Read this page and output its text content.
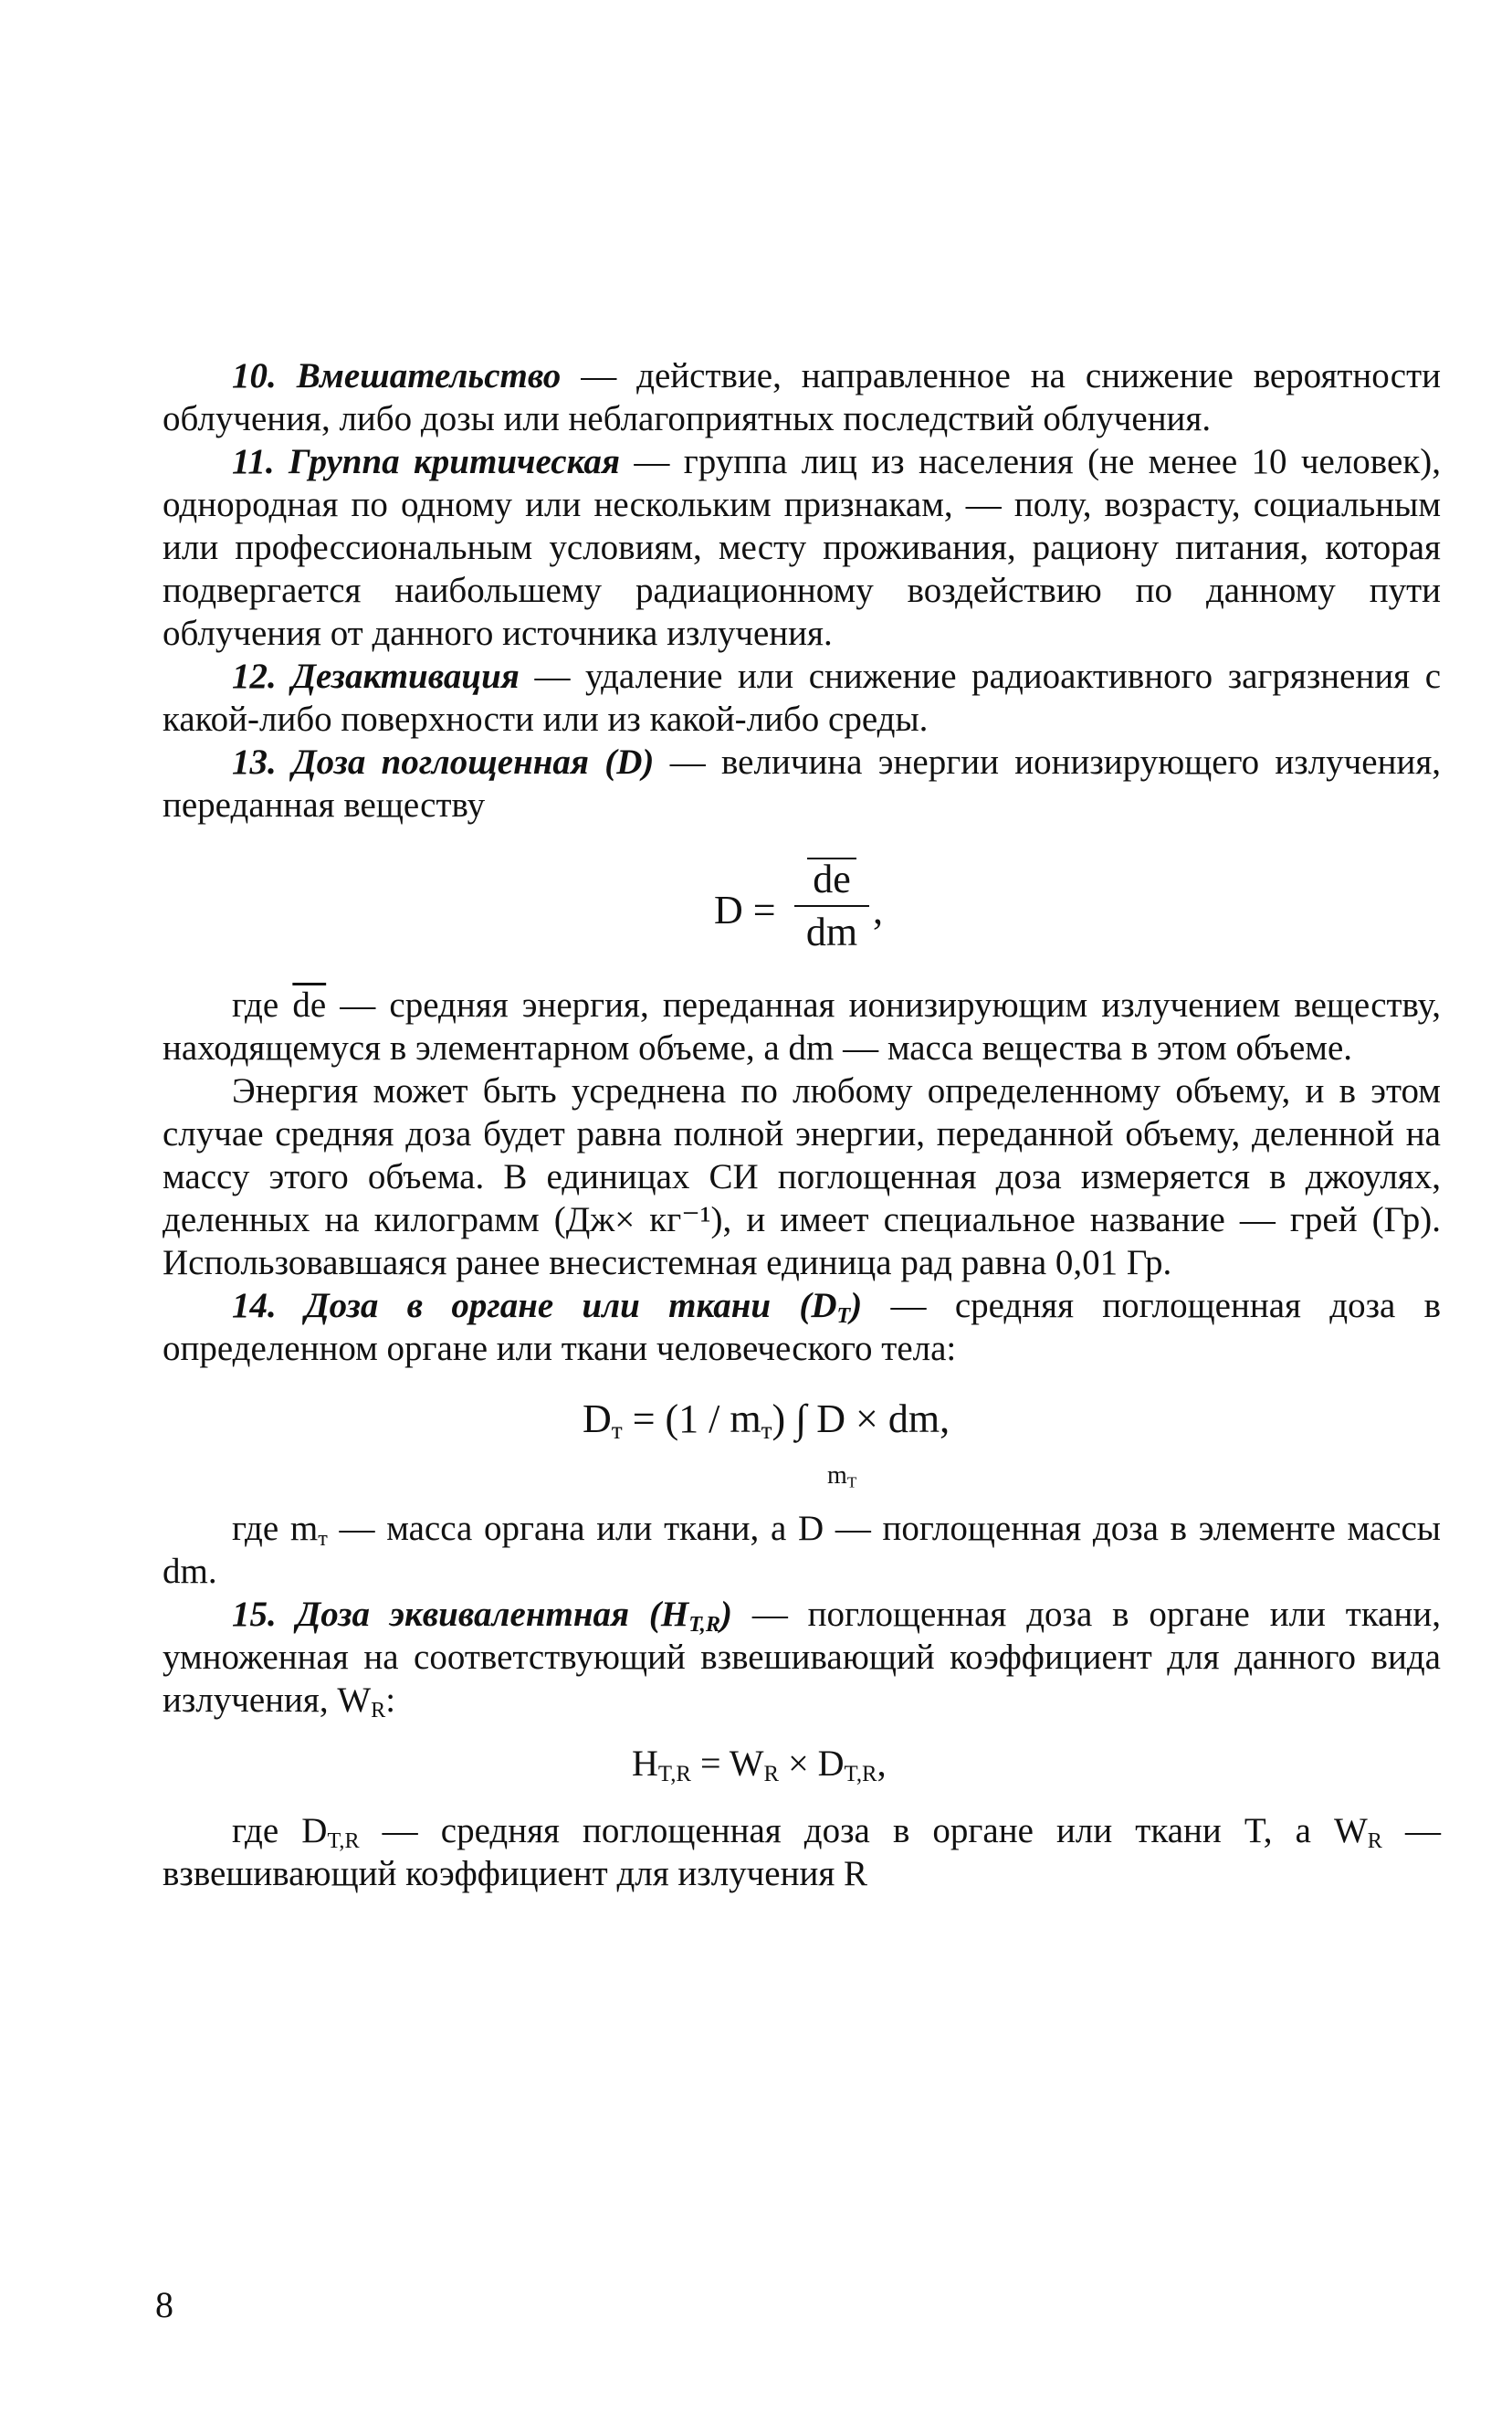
10. Вмешательство — действие, направленное на снижение вероятности облучения, либо дозы или неблагоприятных последствий облучения.

11. Группа критическая — группа лиц из населения (не менее 10 человек), однородная по одному или нескольким признакам, — полу, возрасту, социальным или профессиональным условиям, месту проживания, рациону питания, которая подвергается наибольшему радиационному воздействию по данному пути облучения от данного источника излучения.

12. Дезактивация — удаление или снижение радиоактивного загрязнения с какой-либо поверхности или из какой-либо среды.

13. Доза поглощенная (D) — величина энергии ионизирующего излучения, переданная веществу

$D = \frac{de}{dm}$ ,

где $\overline{de}$ — средняя энергия, переданная ионизирующим излучением веществу, находящемуся в элементарном объеме, а dm — масса вещества в этом объеме.

Энергия может быть усреднена по любому определенному объему, и в этом случае средняя доза будет равна полной энергии, переданной объему, деленной на массу этого объема. В единицах СИ поглощенная доза измеряется в джоулях, деленных на килограмм (Дж× кг⁻¹), и имеет специальное название — грей (Гр). Использовавшаяся ранее внесистемная единица рад равна 0,01 Гр.

14. Доза в органе или ткани $(D_T)$ — средняя поглощенная доза в определенном органе или ткани человеческого тела:

$D_т = (1 / m_т)$ ∫ D × dm,
$m_T$

где $m_т$ — масса органа или ткани, а D — поглощенная доза в элементе массы dm.

15. Доза эквивалентная $(H_{T,R})$ — поглощенная доза в органе или ткани, умноженная на соответствующий взвешивающий коэффициент для данного вида излучения, $W_R$:

$H_{T,R} = W_R \times D_{T,R}$,

где $D_{T,R}$ — средняя поглощенная доза в органе или ткани T, а $W_R$ — взвешивающий коэффициент для излучения R

8
